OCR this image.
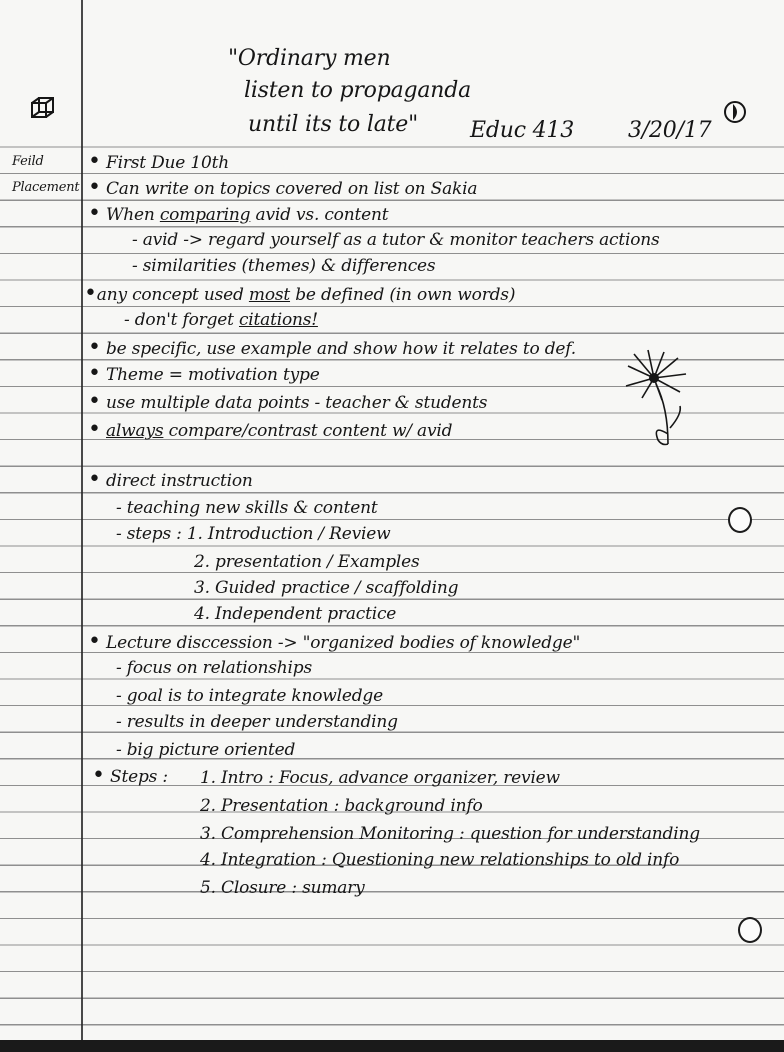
"Ordinary men
listen to propaganda
until its to late" Educ 413 3/20/17
Feild
Placement
• First Due 10th
• Can write on topics covered on list on Sakia
• When comparing avid vs. content
- avid -> regard yourself as a tutor & monitor teachers actions
- similarities (themes) & differences
•any concept used most be defined (in own words)
- don't forget citations!
• be specific, use example and show how it relates to def.
• Theme = motivation type
• use multiple data points - teacher & students
• always compare/contrast content w/ avid
• direct instruction
- teaching new skills & content
- steps : 1. Introduction / Review
2. presentation / Examples
3. Guided practice / scaffolding
4. Independent practice
• Lecture disccession -> "organized bodies of knowledge"
- focus on relationships
- goal is to integrate knowledge
- results in deeper understanding
- big picture oriented
• Steps : 1. Intro : Focus, advance organizer, review
2. Presentation : background info
3. Comprehension Monitoring : question for understanding
4. Integration : Questioning new relationships to old info
5. Closure : sumary
